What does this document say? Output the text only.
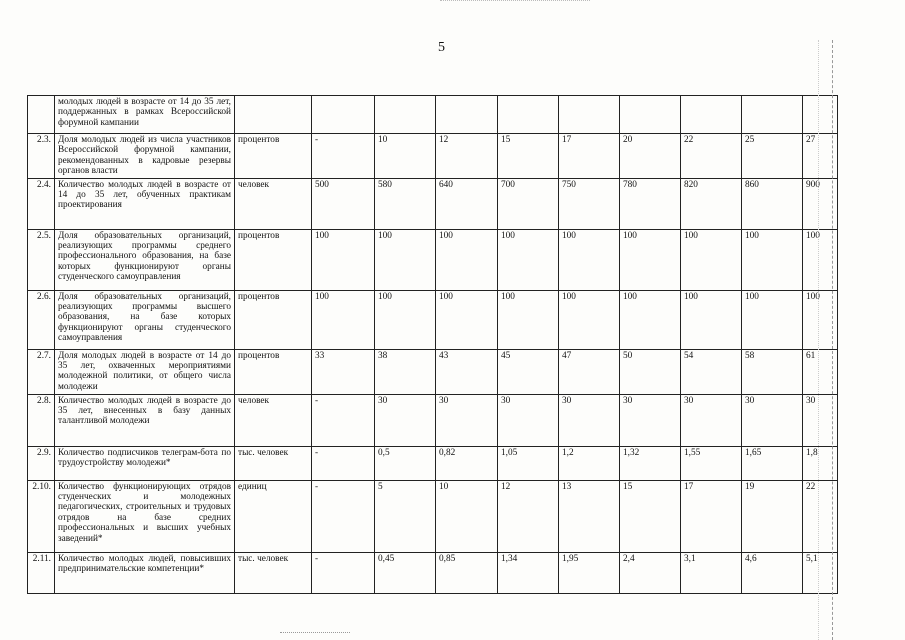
5
	молодых людей в возрасте от 14 до 35 лет, поддержанных в рамках Всероссийской форумной кампании											
2.3.	Доля молодых людей из числа участников Всероссийской форумной кампании, рекомендованных в кадровые резервы органов власти	процентов	-	10	12	15	17	20	22	25	27	
2.4.	Количество молодых людей в возрасте от 14 до 35 лет, обученных практикам проектирования	человек	500	580	640	700	750	780	820	860	900	
2.5.	Доля образовательных организаций, реализующих программы среднего профессионального образования, на базе которых функционируют органы студенческого самоуправления	процентов	100	100	100	100	100	100	100	100	100	
2.6.	Доля образовательных организаций, реализующих программы высшего образования, на базе которых функционируют органы студенческого самоуправления	процентов	100	100	100	100	100	100	100	100	100	
2.7.	Доля молодых людей в возрасте от 14 до 35 лет, охваченных мероприятиями молодежной политики, от общего числа молодежи	процентов	33	38	43	45	47	50	54	58	61	
2.8.	Количество молодых людей в возрасте до 35 лет, внесенных в базу данных талантливой молодежи	человек	-	30	30	30	30	30	30	30	30	
2.9.	Количество подписчиков телеграм-бота по трудоустройству молодежи*	тыс. человек	-	0,5	0,82	1,05	1,2	1,32	1,55	1,65	1,8	
2.10.	Количество функционирующих отрядов студенческих и молодежных педагогических, строительных и трудовых отрядов на базе средних профессиональных и высших учебных заведений*	единиц	-	5	10	12	13	15	17	19	22	
2.11.	Количество молодых людей, повысивших предпринимательские компетенции*	тыс. человек	-	0,45	0,85	1,34	1,95	2,4	3,1	4,6	5,1	
